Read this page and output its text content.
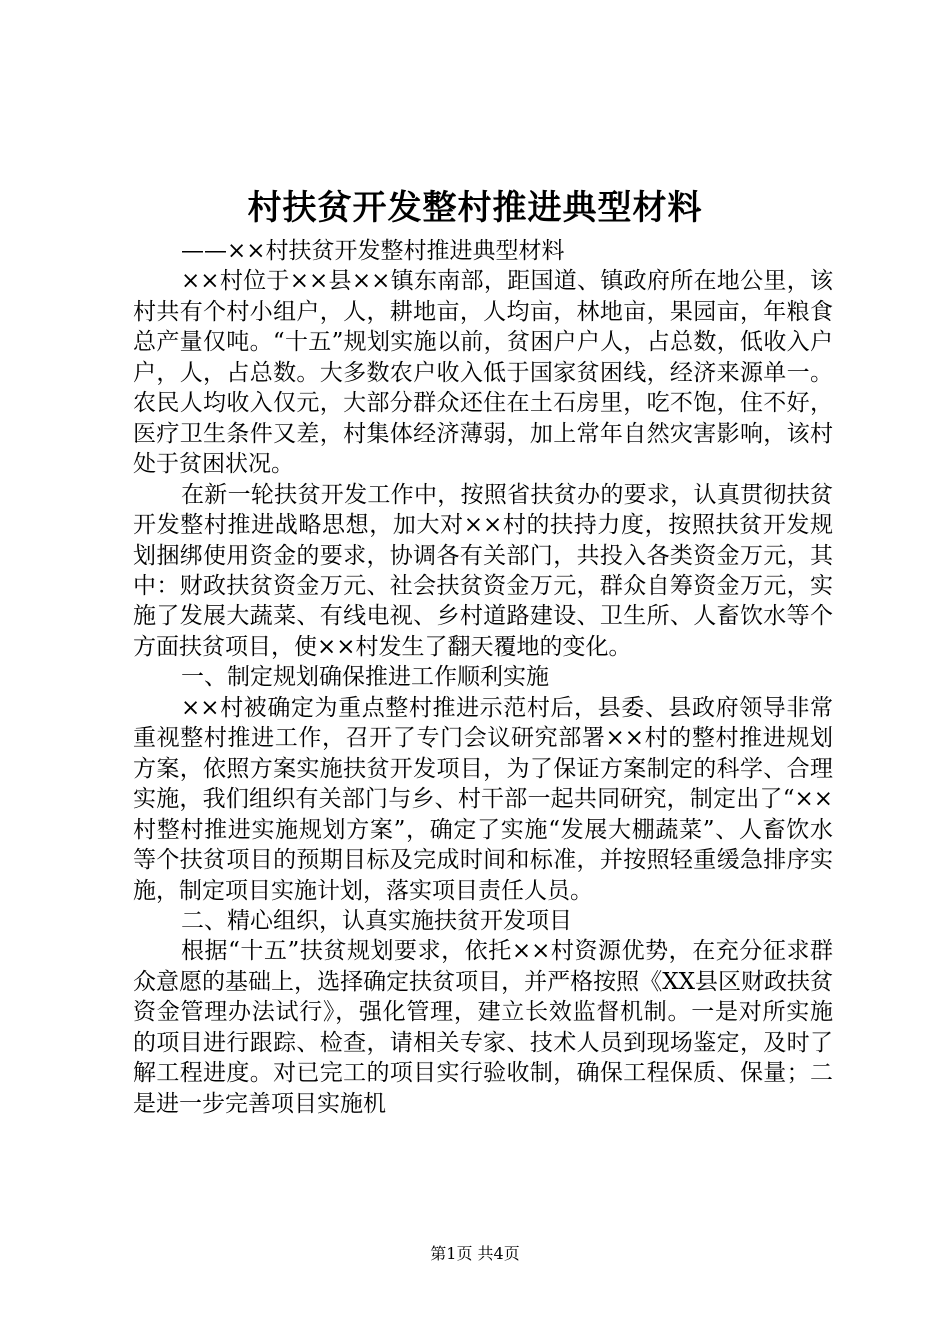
村扶贫开发整村推进典型材料

——××村扶贫开发整村推进典型材料

××村位于××县××镇东南部，距国道、镇政府所在地公里，该村共有个村小组户，人，耕地亩，人均亩，林地亩，果园亩，年粮食总产量仅吨。“十五”规划实施以前，贫困户户人，占总数，低收入户户，人，占总数。大多数农户收入低于国家贫困线，经济来源单一。农民人均收入仅元，大部分群众还住在土石房里，吃不饱，住不好，医疗卫生条件又差，村集体经济薄弱，加上常年自然灾害影响，该村处于贫困状况。

在新一轮扶贫开发工作中，按照省扶贫办的要求，认真贯彻扶贫开发整村推进战略思想，加大对××村的扶持力度，按照扶贫开发规划捆绑使用资金的要求，协调各有关部门，共投入各类资金万元，其中：财政扶贫资金万元、社会扶贫资金万元，群众自筹资金万元，实施了发展大蔬菜、有线电视、乡村道路建设、卫生所、人畜饮水等个方面扶贫项目，使××村发生了翻天覆地的变化。

一、制定规划确保推进工作顺利实施

××村被确定为重点整村推进示范村后，县委、县政府领导非常重视整村推进工作，召开了专门会议研究部署××村的整村推进规划方案，依照方案实施扶贫开发项目，为了保证方案制定的科学、合理实施，我们组织有关部门与乡、村干部一起共同研究，制定出了“××村整村推进实施规划方案”，确定了实施“发展大棚蔬菜”、人畜饮水等个扶贫项目的预期目标及完成时间和标准，并按照轻重缓急排序实施，制定项目实施计划，落实项目责任人员。

二、精心组织，认真实施扶贫开发项目

根据“十五”扶贫规划要求，依托××村资源优势，在充分征求群众意愿的基础上，选择确定扶贫项目，并严格按照《XX县区财政扶贫资金管理办法试行》，强化管理，建立长效监督机制。一是对所实施的项目进行跟踪、检查，请相关专家、技术人员到现场鉴定，及时了解工程进度。对已完工的项目实行验收制，确保工程保质、保量；二是进一步完善项目实施机

第1页 共4页
